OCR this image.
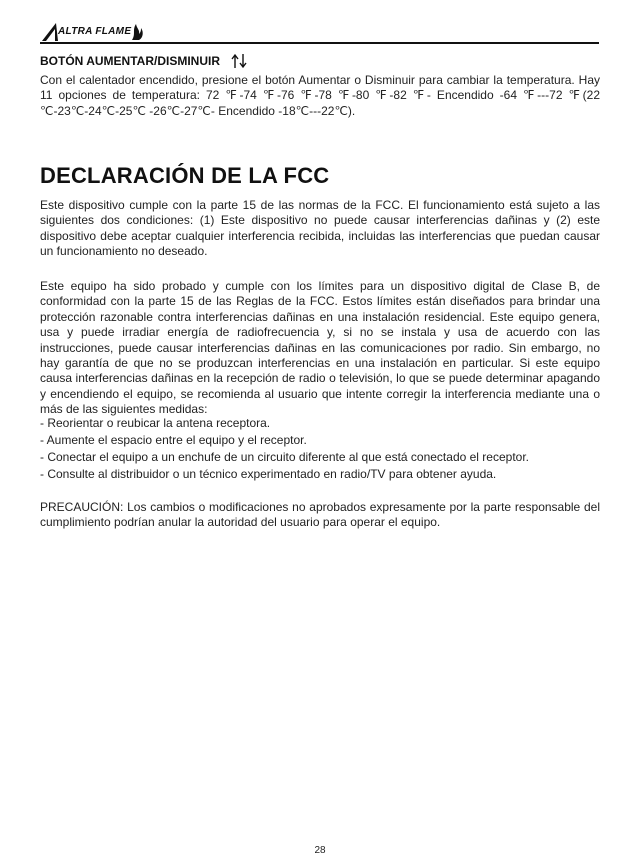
ALTRA FLAME
BOTÓN AUMENTAR/DISMINUIR

Con el calentador encendido, presione el botón Aumentar o Disminuir para cambiar la temperatura. Hay 11 opciones de temperatura: 72 ℉-74 ℉-76 ℉-78 ℉-80 ℉-82 ℉- Encendido -64 ℉---72 ℉(22 ℃-23℃-24℃-25℃ -26℃-27℃- Encendido -18℃---22℃).

DECLARACIÓN DE LA FCC

Este dispositivo cumple con la parte 15 de las normas de la FCC. El funcionamiento está sujeto a las siguientes dos condiciones: (1) Este dispositivo no puede causar interferencias dañinas y (2) este dispositivo debe aceptar cualquier interferencia recibida, incluidas las interferencias que puedan causar un funcionamiento no deseado.

Este equipo ha sido probado y cumple con los límites para un dispositivo digital de Clase B, de conformidad con la parte 15 de las Reglas de la FCC. Estos límites están diseñados para brindar una protección razonable contra interferencias dañinas en una instalación residencial. Este equipo genera, usa y puede irradiar energía de radiofrecuencia y, si no se instala y usa de acuerdo con las instrucciones, puede causar interferencias dañinas en las comunicaciones por radio. Sin embargo, no hay garantía de que no se produzcan interferencias en una instalación en particular. Si este equipo causa interferencias dañinas en la recepción de radio o televisión, lo que se puede determinar apagando y encendiendo el equipo, se recomienda al usuario que intente corregir la interferencia mediante una o más de las siguientes medidas:

- Reorientar o reubicar la antena receptora.
- Aumente el espacio entre el equipo y el receptor.
- Conectar el equipo a un enchufe de un circuito diferente al que está conectado el receptor.
- Consulte al distribuidor o un técnico experimentado en radio/TV para obtener ayuda.

PRECAUCIÓN: Los cambios o modificaciones no aprobados expresamente por la parte responsable del cumplimiento podrían anular la autoridad del usuario para operar el equipo.

28
